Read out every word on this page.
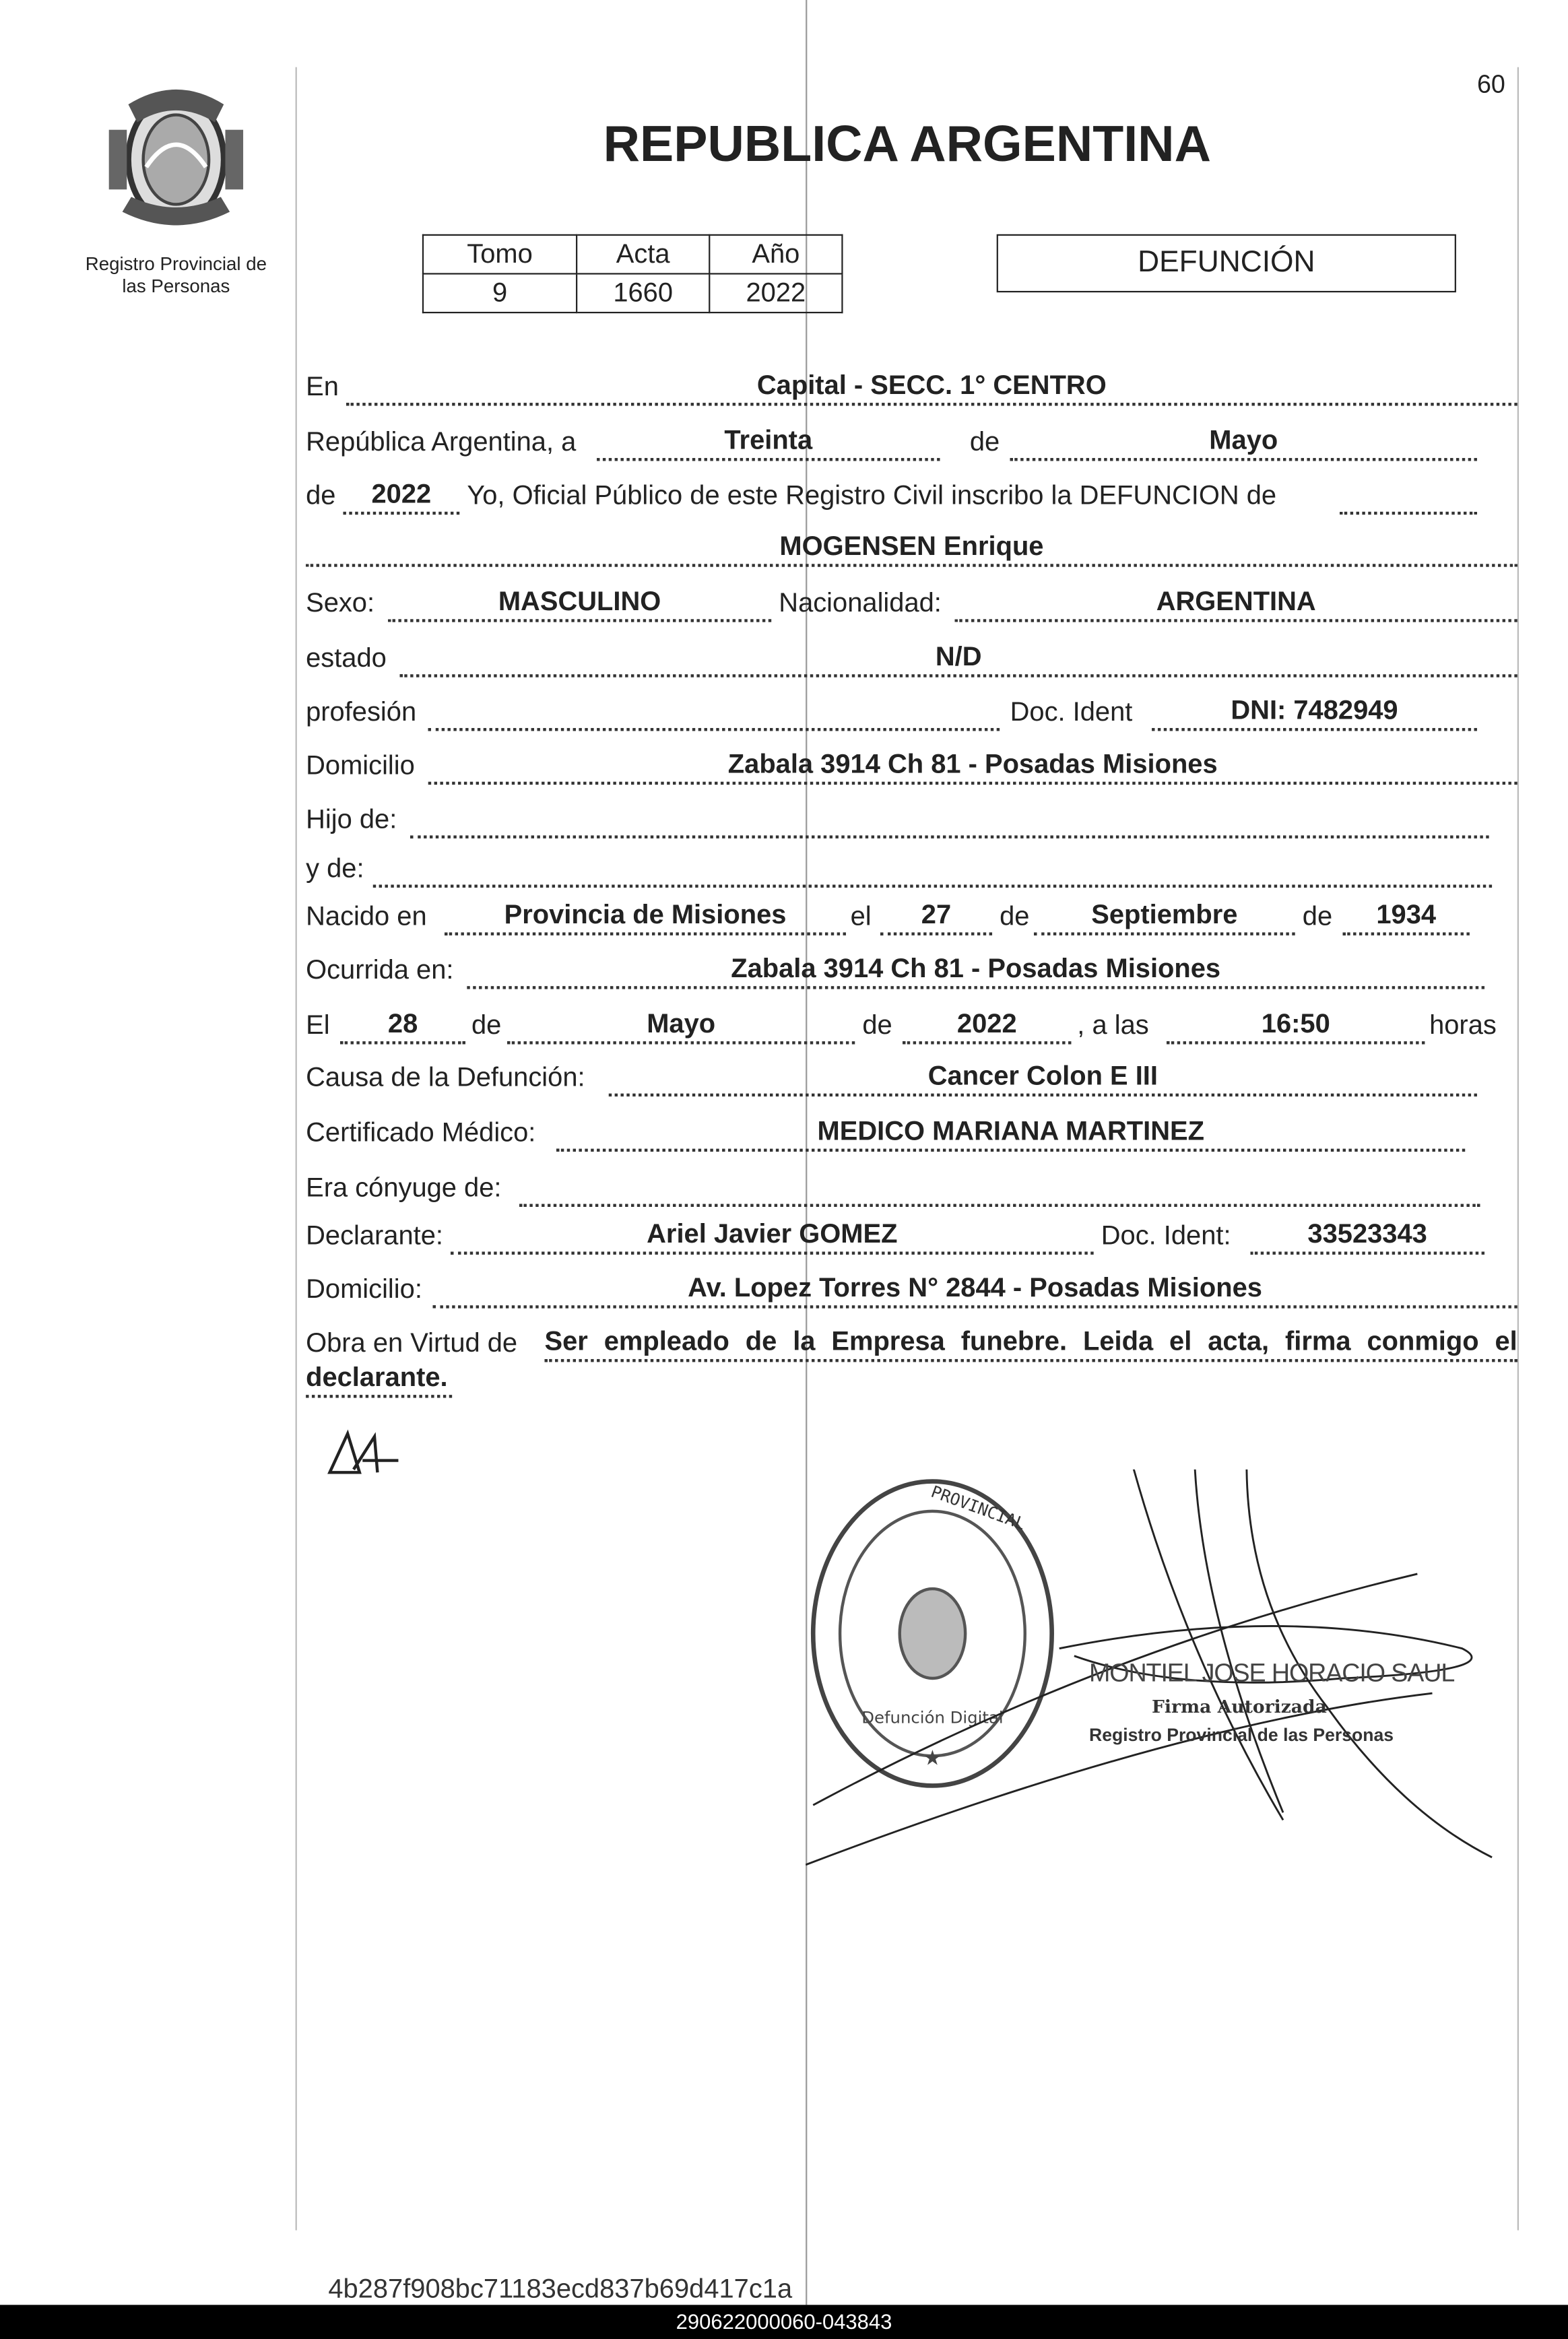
60
Registro Provincial de
las Personas
REPUBLICA ARGENTINA
Tomo	Acta	Año
9	1660	2022
DEFUNCIÓN
En	Capital - SECC. 1° CENTRO
República Argentina, a	Treinta	de	Mayo
de	2022	Yo, Oficial Público de este Registro Civil inscribo la DEFUNCION de
MOGENSEN Enrique
Sexo:	MASCULINO	Nacionalidad:	ARGENTINA
estado	N/D
profesión	Doc. Ident	DNI: 7482949
Domicilio	Zabala 3914 Ch 81 - Posadas Misiones
Hijo de:
y de:
Nacido en	Provincia de Misiones	el	27	de	Septiembre	de	1934
Ocurrida en:	Zabala 3914 Ch 81 - Posadas Misiones
El	28	de	Mayo	de	2022	, a las	16:50	horas
Causa de la Defunción:	Cancer Colon E III
Certificado Médico:	MEDICO MARIANA MARTINEZ
Era cónyuge de:
Declarante:	Ariel Javier GOMEZ	Doc. Ident:	33523343
Domicilio:	Av. Lopez Torres N° 2844 - Posadas Misiones
Obra en Virtud de Ser empleado de la Empresa funebre. Leida el acta, firma conmigo el
declarante.
PROVINCIAL
Defunción Digital
★
MONTIEL JOSE HORACIO SAUL
Firma Autorizada
Registro Provincial de las Personas
4b287f908bc71183ecd837b69d417c1a
290622000060-043843
